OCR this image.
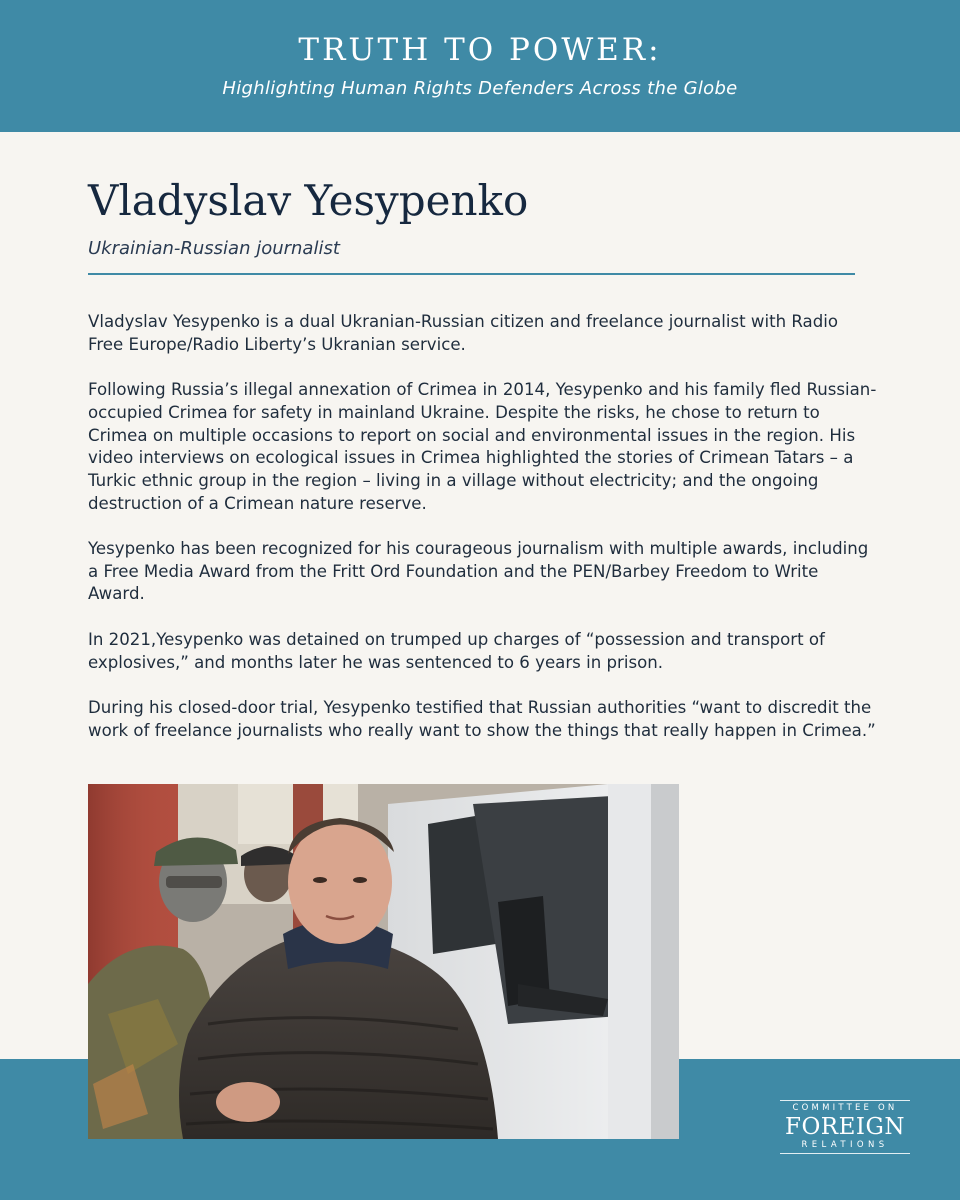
TRUTH TO POWER:
Highlighting Human Rights Defenders Across the Globe
Vladyslav Yesypenko
Ukrainian-Russian journalist

Vladyslav Yesypenko is a dual Ukranian-Russian citizen and freelance journalist with Radio Free Europe/Radio Liberty’s Ukranian service.

Following Russia’s illegal annexation of Crimea in 2014, Yesypenko and his family fled Russian-occupied Crimea for safety in mainland Ukraine. Despite the risks, he chose to return to Crimea on multiple occasions to report on social and environmental issues in the region. His video interviews on ecological issues in Crimea highlighted the stories of Crimean Tatars – a Turkic ethnic group in the region – living in a village without electricity; and the ongoing destruction of a Crimean nature reserve.

Yesypenko has been recognized for his courageous journalism with multiple awards, including a Free Media Award from the Fritt Ord Foundation and the PEN/Barbey Freedom to Write Award.

In 2021,Yesypenko was detained on trumped up charges of “possession and transport of explosives,” and months later he was sentenced to 6 years in prison.

During his closed-door trial, Yesypenko testified that Russian authorities “want to discredit the work of freelance journalists who really want to show the things that really happen in Crimea.”

COMMITTEE ON
FOREIGN
RELATIONS
